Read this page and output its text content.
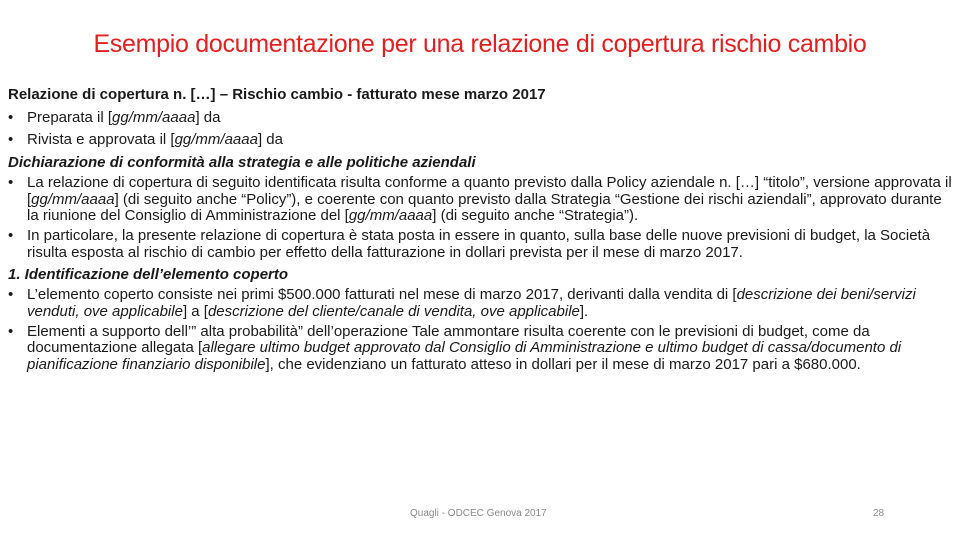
Esempio documentazione per una relazione di copertura rischio cambio

Relazione di copertura n. […] – Rischio cambio - fatturato mese marzo 2017

• Preparata il [gg/mm/aaaa] da

• Rivista e approvata il [gg/mm/aaaa] da

Dichiarazione di conformità alla strategia e alle politiche aziendali

• La relazione di copertura di seguito identificata risulta conforme a quanto previsto dalla Policy aziendale n. […] “titolo”, versione approvata il [gg/mm/aaaa] (di seguito anche “Policy”), e coerente con quanto previsto dalla Strategia “Gestione dei rischi aziendali”, approvato durante la riunione del Consiglio di Amministrazione del [gg/mm/aaaa] (di seguito anche “Strategia”).

• In particolare, la presente relazione di copertura è stata posta in essere in quanto, sulla base delle nuove previsioni di budget, la Società risulta esposta al rischio di cambio per effetto della fatturazione in dollari prevista per il mese di marzo 2017.

1. Identificazione dell’elemento coperto

• L’elemento coperto consiste nei primi $500.000 fatturati nel mese di marzo 2017, derivanti dalla vendita di [descrizione dei beni/servizi venduti, ove applicabile] a [descrizione del cliente/canale di vendita, ove applicabile].

• Elementi a supporto dell’” alta probabilità” dell’operazione Tale ammontare risulta coerente con le previsioni di budget, come da documentazione allegata [allegare ultimo budget approvato dal Consiglio di Amministrazione e ultimo budget di cassa/documento di pianificazione finanziario disponibile], che evidenziano un fatturato atteso in dollari per il mese di marzo 2017 pari a $680.000.

Quagli - ODCEC Genova 2017	28
